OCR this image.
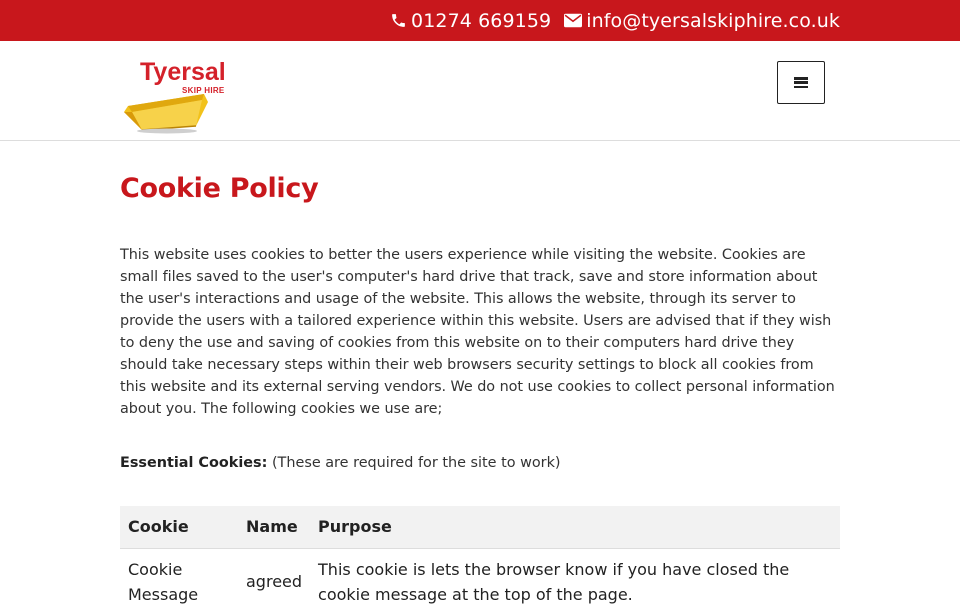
01274 669159 info@tyersalskiphire.co.uk
Tyersal
SKIP HIRE
Cookie Policy

This website uses cookies to better the users experience while visiting the website. Cookies are small files saved to the user's computer's hard drive that track, save and store information about the user's interactions and usage of the website. This allows the website, through its server to provide the users with a tailored experience within this website. Users are advised that if they wish to deny the use and saving of cookies from this website on to their computers hard drive they should take necessary steps within their web browsers security settings to block all cookies from this website and its external serving vendors. We do not use cookies to collect personal information about you. The following cookies we use are;

Essential Cookies: (These are required for the site to work)

Cookie	Name	Purpose
Cookie Message	agreed	This cookie is lets the browser know if you have closed the cookie message at the top of the page.
